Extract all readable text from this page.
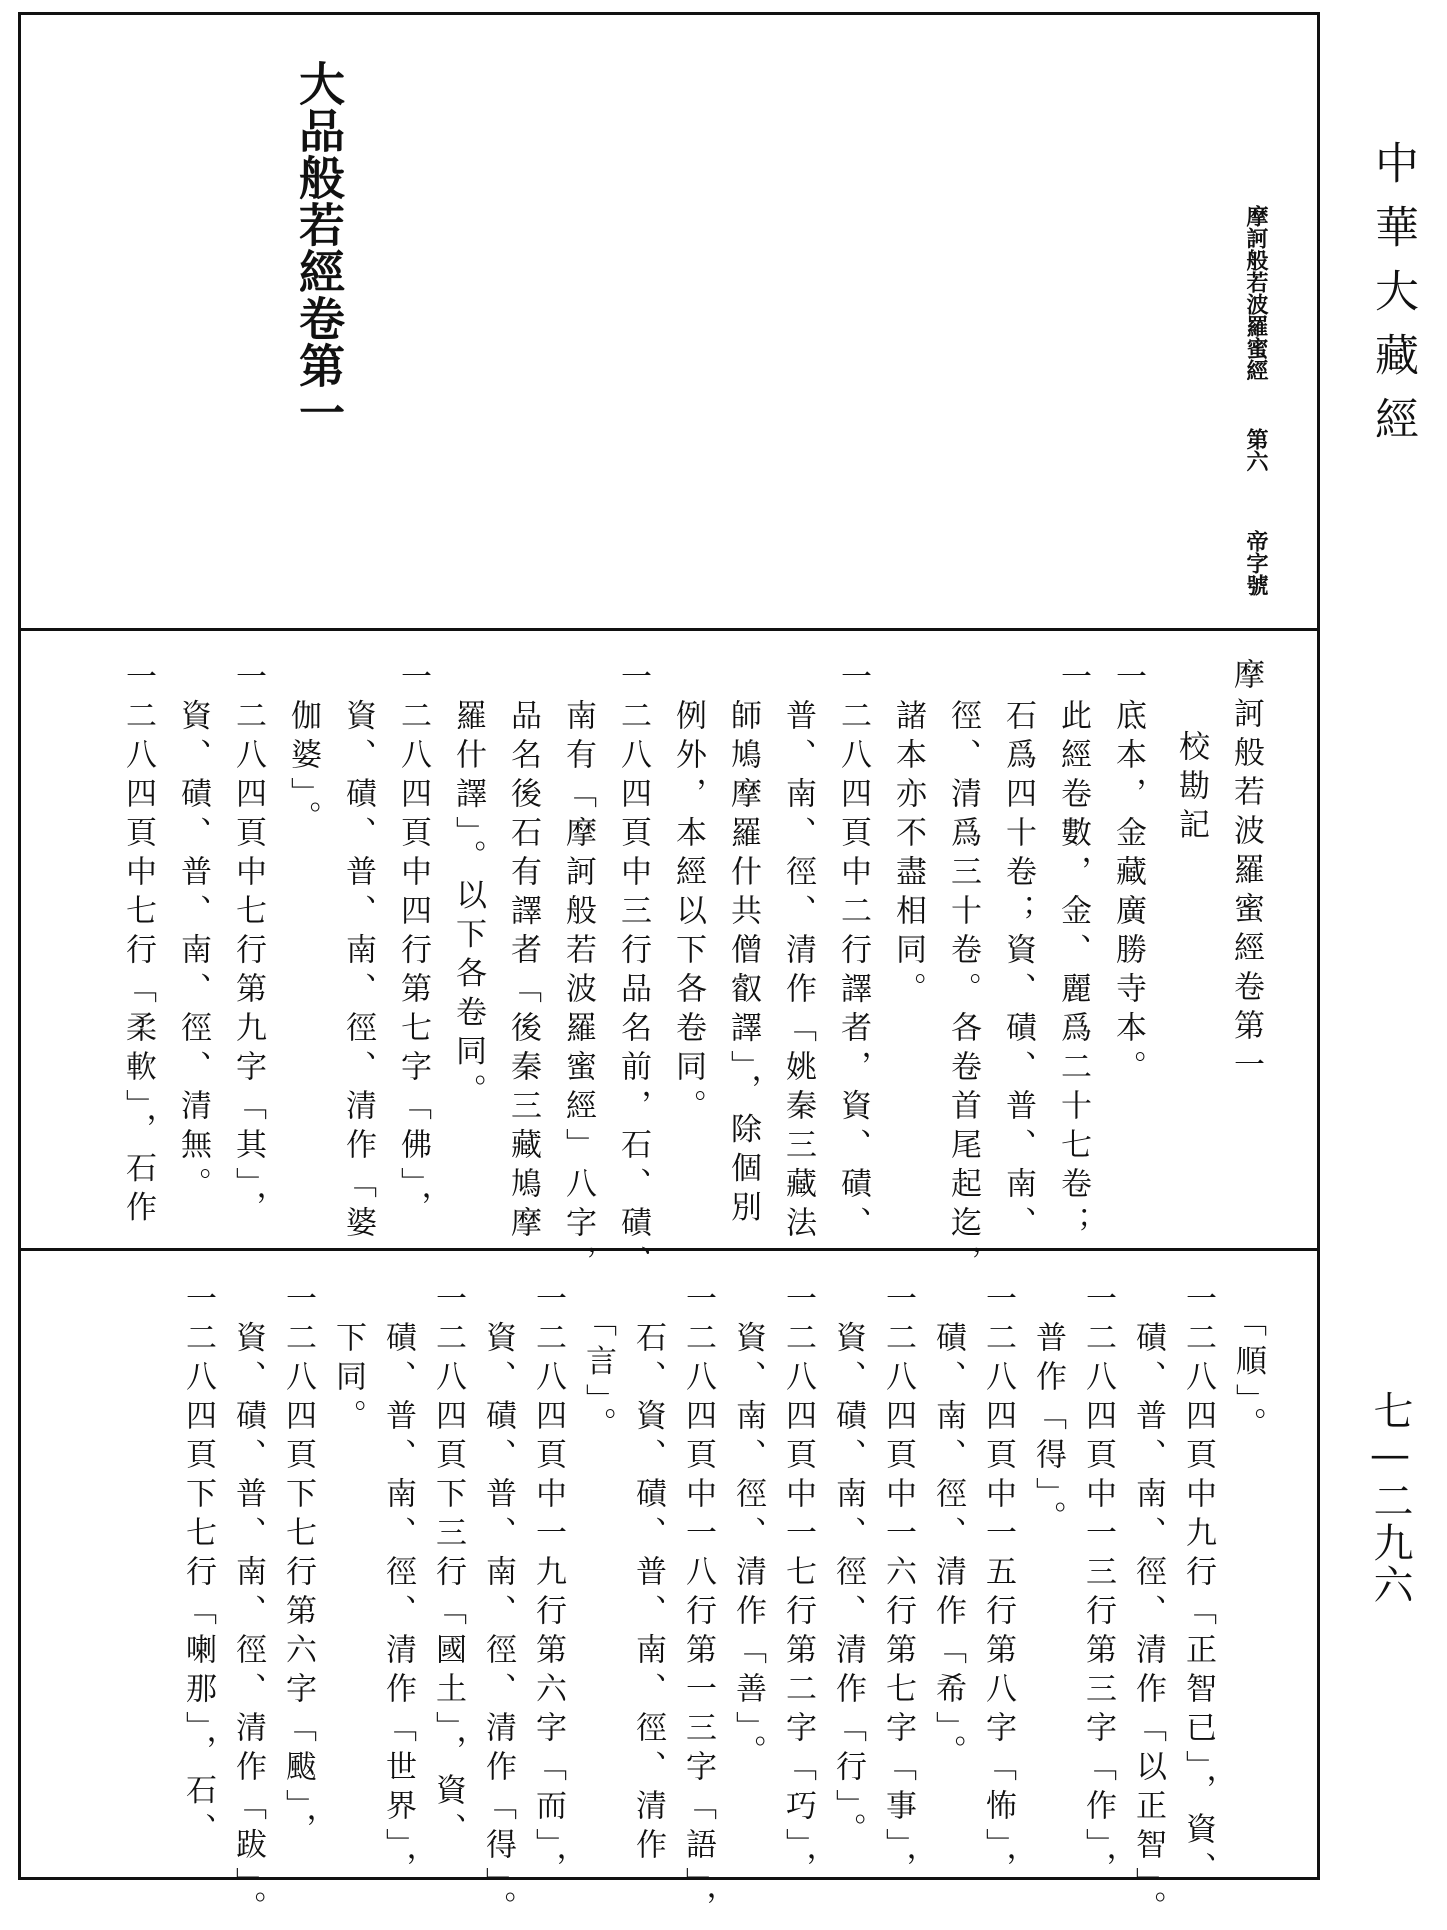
大品般若經卷第一	摩訶般若波羅蜜經
第六
帝字號
中華大藏經
七—二九六
摩訶般若波羅蜜經卷第一
校勘記
一底本，金藏廣勝寺本。
一此經卷數，金、麗爲二十七卷；
　石爲四十卷；資、磧、普、南、
　徑、清爲三十卷。各卷首尾起迄，
　諸本亦不盡相同。
一二八四頁中二行譯者，資、磧、
　普、南、徑、清作「姚秦三藏法
　師鳩摩羅什共僧叡譯」，除個別
　例外，本經以下各卷同。
一二八四頁中三行品名前，石、磧、
　南有「摩訶般若波羅蜜經」八字，
　品名後石有譯者「後秦三藏鳩摩
　羅什譯」。以下各卷同。
一二八四頁中四行第七字「佛」，
　資、磧、普、南、徑、清作「婆
　伽婆」。
一二八四頁中七行第九字「其」，
　資、磧、普、南、徑、清無。
一二八四頁中七行「柔軟」，石作
　「順」。
一二八四頁中九行「正智已」，資、
　磧、普、南、徑、清作「以正智」。
一二八四頁中一三行第三字「作」，
　普作「得」。
一二八四頁中一五行第八字「怖」，
　磧、南、徑、清作「希」。
一二八四頁中一六行第七字「事」，
　資、磧、南、徑、清作「行」。
一二八四頁中一七行第二字「巧」，
　資、南、徑、清作「善」。
一二八四頁中一八行第一三字「語」，
　石、資、磧、普、南、徑、清作
　「言」。
一二八四頁中一九行第六字「而」，
　資、磧、普、南、徑、清作「得」。
一二八四頁下三行「國土」，資、
　磧、普、南、徑、清作「世界」，
　下同。
一二八四頁下七行第六字「颰」，
　資、磧、普、南、徑、清作「跋」。
一二八四頁下七行「喇那」，石、
